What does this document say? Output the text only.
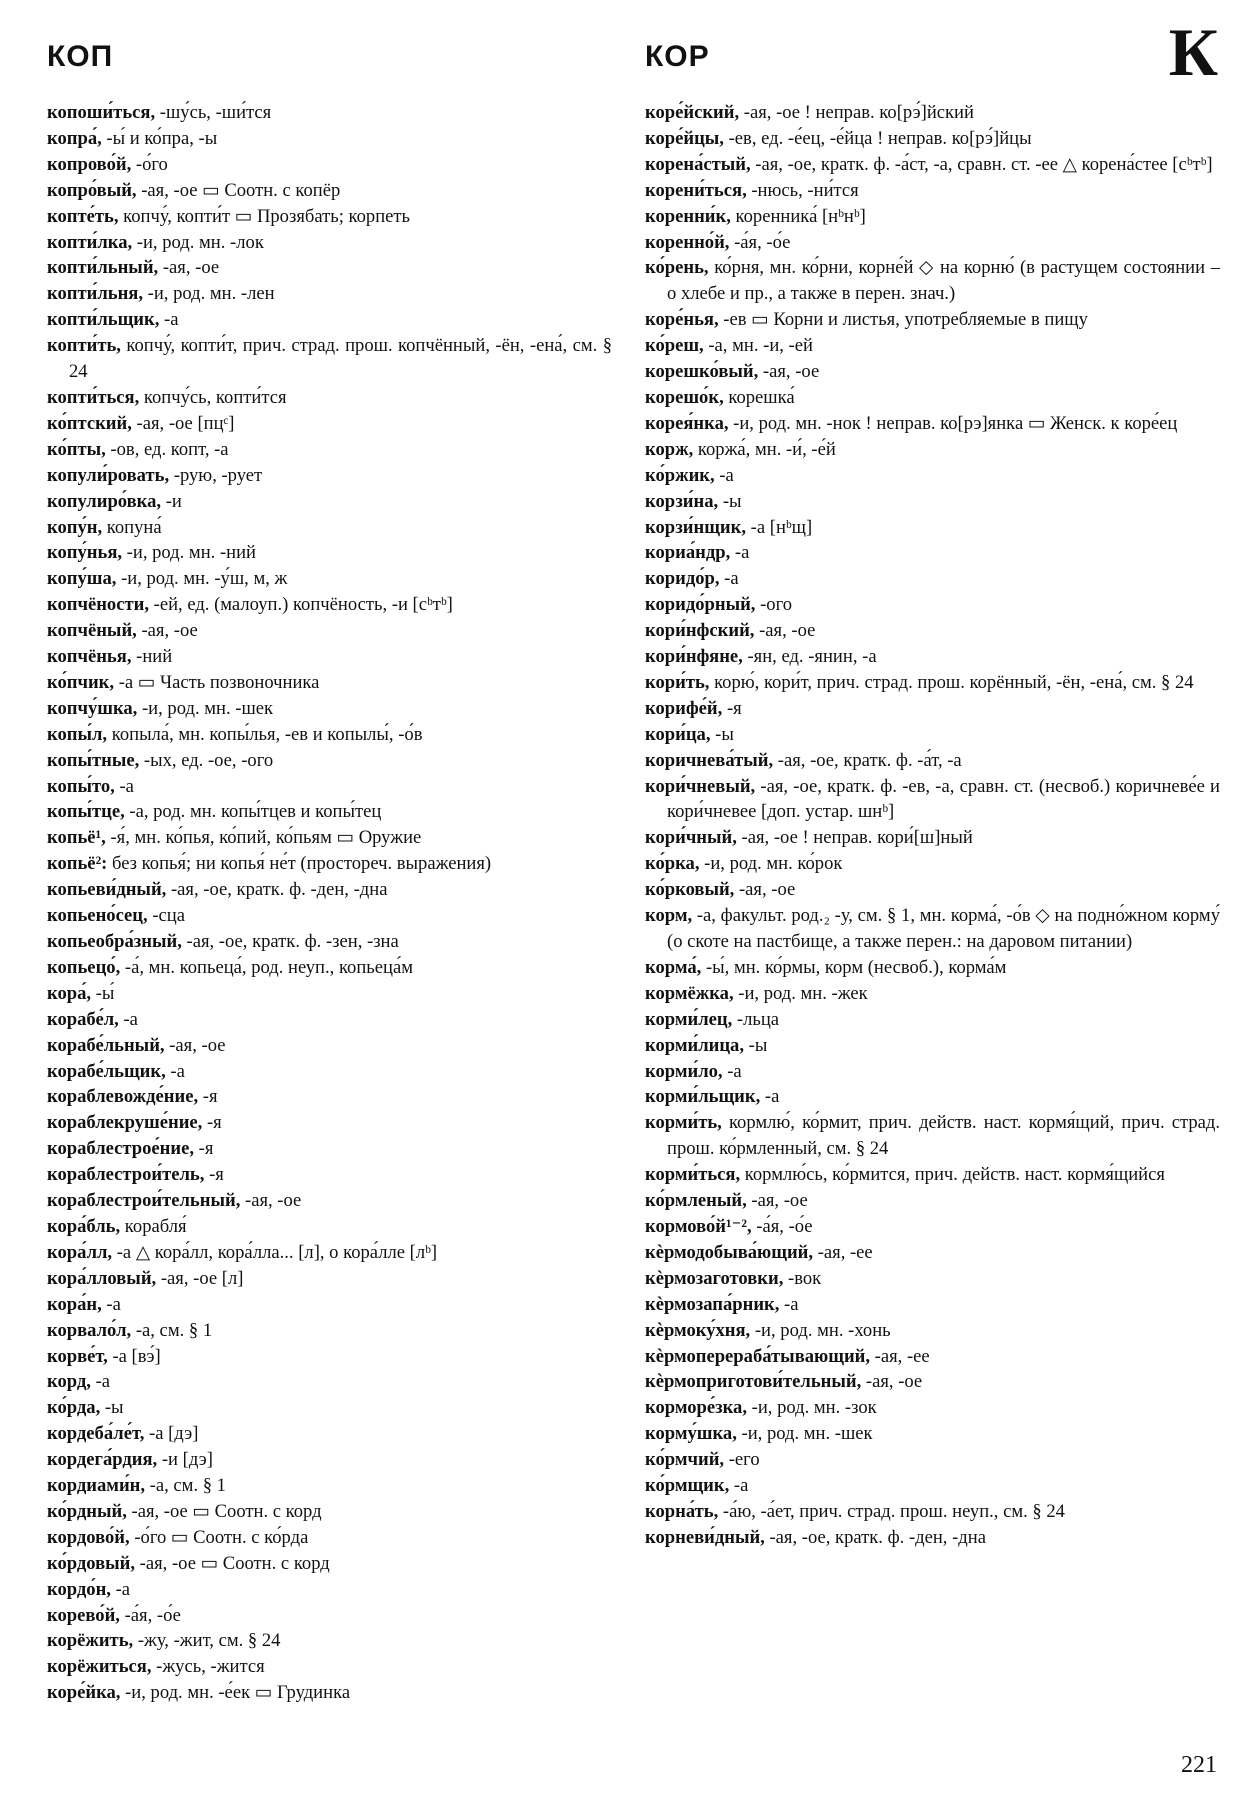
КОП	КОР	К

копоши́ться, -шу́сь, -ши́тся

копра́, -ы́ и ко́пра, -ы

копрово́й, -о́го

копро́вый, -ая, -ое ▭ Соотн. с копёр

копте́ть, копчу́, копти́т ▭ Прозябать; корпеть

копти́лка, -и, род. мн. -лок

копти́льный, -ая, -ое

копти́льня, -и, род. мн. -лен

копти́льщик, -а

копти́ть, копчу́, копти́т, прич. страд. прош. копчённый, -ён, -ена́, см. § 24

копти́ться, копчу́сь, копти́тся

ко́птский, -ая, -ое [пцᶜ]

ко́пты, -ов, ед. копт, -а

копули́ровать, -рую, -рует

копулиро́вка, -и

копу́н, копуна́

копу́нья, -и, род. мн. -ний

копу́ша, -и, род. мн. -у́ш, м, ж

копчёности, -ей, ед. (малоуп.) копчёность, -и [сᵇтᵇ]

копчёный, -ая, -ое

копчёнья, -ний

ко́пчик, -а ▭ Часть позвоночника

копчу́шка, -и, род. мн. -шек

копы́л, копыла́, мн. копы́лья, -ев и копылы́, -о́в

копы́тные, -ых, ед. -ое, -ого

копы́то, -а

копы́тце, -а, род. мн. копы́тцев и копы́тец

копьё¹, -я́, мн. ко́пья, ко́пий, ко́пьям ▭ Оружие

копьё²: без копья́; ни копья́ не́т (простореч. выражения)

копьеви́дный, -ая, -ое, кратк. ф. -ден, -дна

копьено́сец, -сца

копьеобра́зный, -ая, -ое, кратк. ф. -зен, -зна

копьецо́, -а́, мн. копьеца́, род. неуп., копьеца́м

кора́, -ы́

корабе́л, -а

корабе́льный, -ая, -ое

корабе́льщик, -а

кораблевожде́ние, -я

кораблекруше́ние, -я

кораблестрое́ние, -я

кораблестрои́тель, -я

кораблестрои́тельный, -ая, -ое

кора́бль, корабля́

кора́лл, -а △ кора́лл, кора́лла... [л], о кора́лле [лᵇ]

кора́лловый, -ая, -ое [л]

кора́н, -а

корвало́л, -а, см. § 1

корве́т, -а [вэ́]

корд, -а

ко́рда, -ы

кордеба́ле́т, -а [дэ]

кордега́рдия, -и [дэ]

кордиами́н, -а, см. § 1

ко́рдный, -ая, -ое ▭ Соотн. с корд

кордово́й, -о́го ▭ Соотн. с ко́рда

ко́рдовый, -ая, -ое ▭ Соотн. с корд

кордо́н, -а

корево́й, -а́я, -о́е

корёжить, -жу, -жит, см. § 24

корёжиться, -жусь, -жится

коре́йка, -и, род. мн. -е́ек ▭ Грудинка

коре́йский, -ая, -ое ! неправ. ко[рэ́]йский

коре́йцы, -ев, ед. -е́ец, -е́йца ! неправ. ко[рэ́]йцы

корена́стый, -ая, -ое, кратк. ф. -а́ст, -а, сравн. ст. -ее △ корена́стее [сᵇтᵇ]

корени́ться, -нюсь, -ни́тся

коренни́к, коренника́ [нᵇнᵇ]

коренно́й, -а́я, -о́е

ко́рень, ко́рня, мн. ко́рни, корне́й ◇ на корню́ (в растущем состоянии – о хлебе и пр., а также в перен. знач.)

коре́нья, -ев ▭ Корни и листья, употребляемые в пищу

ко́реш, -а, мн. -и, -ей

корешко́вый, -ая, -ое

корешо́к, корешка́

корея́нка, -и, род. мн. -нок ! неправ. ко[рэ]янка ▭ Женск. к коре́ец

корж, коржа́, мн. -и́, -е́й

ко́ржик, -а

корзи́на, -ы

корзи́нщик, -а [нᵇщ]

кориа́ндр, -а

коридо́р, -а

коридо́рный, -ого

кори́нфский, -ая, -ое

кори́нфяне, -ян, ед. -янин, -а

кори́ть, корю́, кори́т, прич. страд. прош. корённый, -ён, -ена́, см. § 24

корифе́й, -я

кори́ца, -ы

коричнева́тый, -ая, -ое, кратк. ф. -а́т, -а

кори́чневый, -ая, -ое, кратк. ф. -ев, -а, сравн. ст. (несвоб.) коричневе́е и кори́чневее [доп. устар. шнᵇ]

кори́чный, -ая, -ое ! неправ. кори́[ш]ный

ко́рка, -и, род. мн. ко́рок

ко́рковый, -ая, -ое

корм, -а, факульт. род.₂ -у, см. § 1, мн. корма́, -о́в ◇ на подно́жном корму́ (о скоте на пастбище, а также перен.: на даровом питании)

корма́, -ы́, мн. ко́рмы, корм (несвоб.), корма́м

кормёжка, -и, род. мн. -жек

корми́лец, -льца

корми́лица, -ы

корми́ло, -а

корми́льщик, -а

корми́ть, кормлю́, ко́рмит, прич. действ. наст. кормя́щий, прич. страд. прош. ко́рмленный, см. § 24

корми́ться, кормлю́сь, ко́рмится, прич. действ. наст. кормя́щийся

ко́рмленый, -ая, -ое

кормово́й¹⁻², -а́я, -о́е

кѐрмодобыва́ющий, -ая, -ее

кѐрмозаготовки, -вок

кѐрмозапа́рник, -а

кѐрмоку́хня, -и, род. мн. -хонь

кѐрмоперераба́тывающий, -ая, -ее

кѐрмоприготови́тельный, -ая, -ое

кормоpе́зка, -и, род. мн. -зок

корму́шка, -и, род. мн. -шек

ко́рмчий, -его

ко́рмщик, -а

корна́ть, -а́ю, -а́ет, прич. страд. прош. неуп., см. § 24

корневи́дный, -ая, -ое, кратк. ф. -ден, -дна

221
